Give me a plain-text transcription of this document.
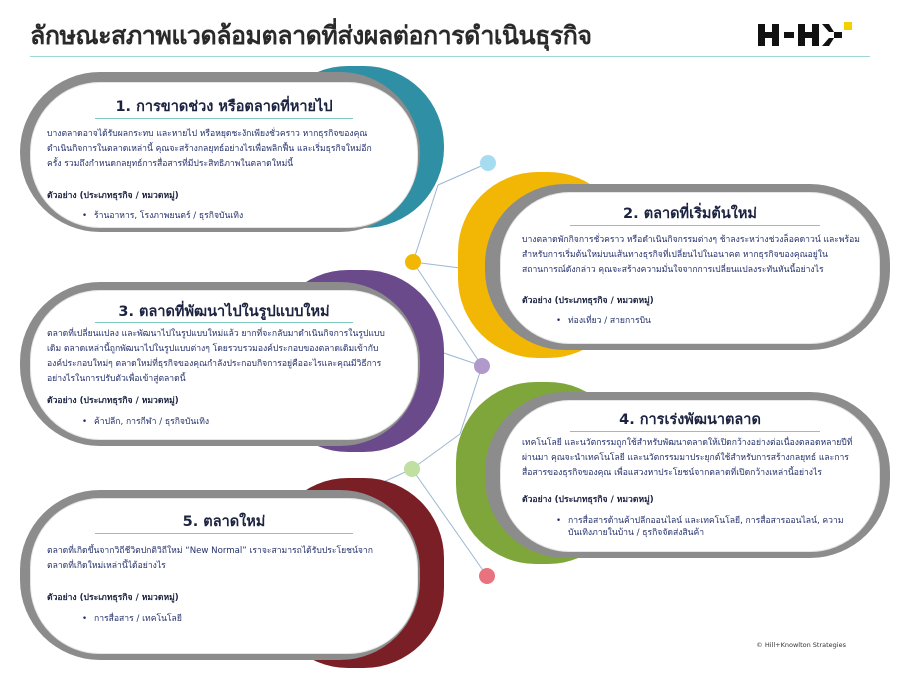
ลักษณะสภาพแวดล้อมตลาดที่ส่งผลต่อการดำเนินธุรกิจ
1. การขาดช่วง หรือตลาดที่หายไป

บางตลาดอาจได้รับผลกระทบ และหายไป หรือหยุดชะงักเพียงชั่วคราว หากธุรกิจของคุณดำเนินกิจการในตลาดเหล่านี้ คุณจะสร้างกลยุทธ์อย่างไรเพื่อพลิกฟื้น และเริ่มธุรกิจใหม่อีกครั้ง รวมถึงกำหนดกลยุทธ์การสื่อสารที่มีประสิทธิภาพในตลาดใหม่นี้

ตัวอย่าง (ประเภทธุรกิจ / หมวดหมู่)
• ร้านอาหาร, โรงภาพยนตร์ / ธุรกิจบันเทิง	2. ตลาดที่เริ่มต้นใหม่

บางตลาดพักกิจการชั่วคราว หรือดำเนินกิจกรรมต่างๆ ช้าลงระหว่างช่วงล็อคดาวน์ และพร้อมสำหรับการเริ่มต้นใหม่บนเส้นทางธุรกิจที่เปลี่ยนไปในอนาคต หากธุรกิจของคุณอยู่ในสถานการณ์ดังกล่าว คุณจะสร้างความมั่นใจจากการเปลี่ยนแปลงระทันหันนี้อย่างไร

ตัวอย่าง (ประเภทธุรกิจ / หมวดหมู่)
• ท่องเที่ยว / สายการบิน
3. ตลาดที่พัฒนาไปในรูปแบบใหม่

ตลาดที่เปลี่ยนแปลง และพัฒนาไปในรูปแบบใหม่แล้ว ยากที่จะกลับมาดำเนินกิจการในรูปแบบเดิม ตลาดเหล่านี้ถูกพัฒนาไปในรูปแบบต่างๆ โดยรวบรวมองค์ประกอบของตลาดเดิมเข้ากับองค์ประกอบใหม่ๆ ตลาดใหม่ที่ธุรกิจของคุณกำลังประกอบกิจการอยู่คืออะไรและคุณมีวิธีการอย่างไรในการปรับตัวเพื่อเข้าสู่ตลาดนี้

ตัวอย่าง (ประเภทธุรกิจ / หมวดหมู่)
• ค้าปลีก, การกีฬา / ธุรกิจบันเทิง	4. การเร่งพัฒนาตลาด

เทคโนโลยี และนวัตกรรมถูกใช้สำหรับพัฒนาตลาดให้เปิดกว้างอย่างต่อเนื่องตลอดหลายปีที่ผ่านมา คุณจะนำเทคโนโลยี และนวัตกรรมมาประยุกต์ใช้สำหรับการสร้างกลยุทธ์ และการสื่อสารของธุรกิจของคุณ เพื่อแสวงหาประโยชน์จากตลาดที่เปิดกว้างเหล่านี้อย่างไร

ตัวอย่าง (ประเภทธุรกิจ / หมวดหมู่)
• การสื่อสารด้านค้าปลีกออนไลน์ และเทคโนโลยี, การสื่อสารออนไลน์, ความบันเทิงภายในบ้าน / ธุรกิจจัดส่งสินค้า
5. ตลาดใหม่

ตลาดที่เกิดขึ้นจากวิถีชีวิตปกติวิถีใหม่ “New Normal” เราจะสามารถได้รับประโยชน์จากตลาดที่เกิดใหม่เหล่านี้ได้อย่างไร

ตัวอย่าง (ประเภทธุรกิจ / หมวดหมู่)
• การสื่อสาร / เทคโนโลยี
© Hill+Knowlton Strategies
